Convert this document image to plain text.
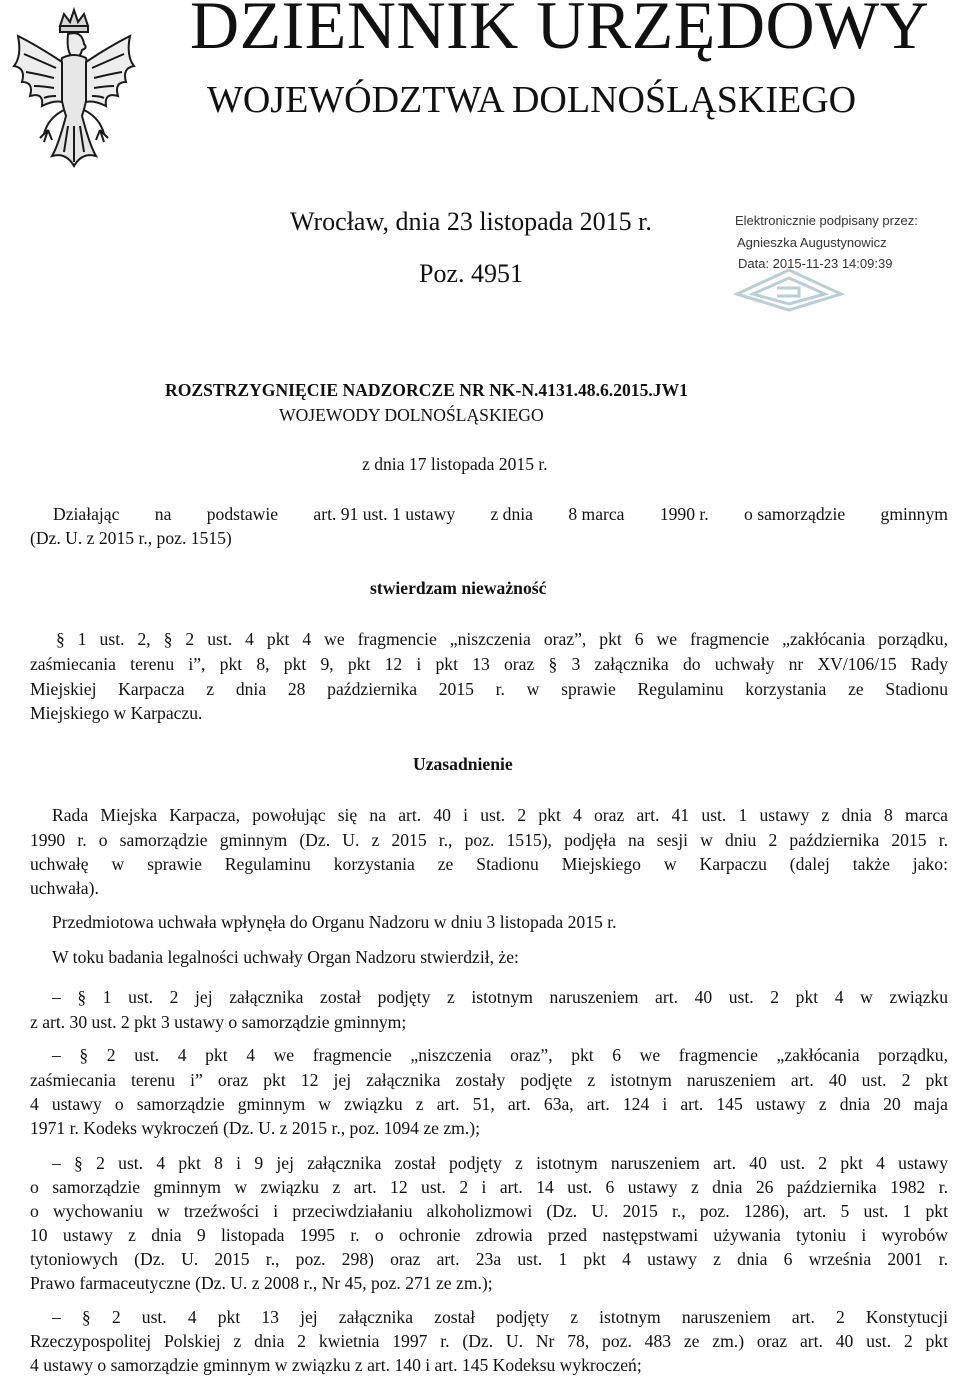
DZIENNIK URZĘDOWY
WOJEWÓDZTWA DOLNOŚLĄSKIEGO
Wrocław, dnia 23 listopada 2015 r.
Poz. 4951
Elektronicznie podpisany przez:
Agnieszka Augustynowicz
Data: 2015-11-23 14:09:39
ROZSTRZYGNIĘCIE NADZORCZE NR NK-N.4131.48.6.2015.JW1
WOJEWODY DOLNOŚLĄSKIEGO
z dnia 17 listopada 2015 r.
Działając na podstawie art. 91 ust. 1 ustawy z dnia 8 marca 1990 r. o samorządzie gminnym
(Dz. U. z 2015 r., poz. 1515)
stwierdzam nieważność
§ 1 ust. 2, § 2 ust. 4 pkt 4 we fragmencie „niszczenia oraz”, pkt 6 we fragmencie „zakłócania porządku,
zaśmiecania terenu i”, pkt 8, pkt 9, pkt 12 i pkt 13 oraz § 3 załącznika do uchwały nr XV/106/15 Rady
Miejskiej Karpacza z dnia 28 października 2015 r. w sprawie Regulaminu korzystania ze Stadionu
Miejskiego w Karpaczu.
Uzasadnienie
Rada Miejska Karpacza, powołując się na art. 40 i ust. 2 pkt 4 oraz art. 41 ust. 1 ustawy z dnia 8 marca
1990 r. o samorządzie gminnym (Dz. U. z 2015 r., poz. 1515), podjęła na sesji w dniu 2 października 2015 r.
uchwałę w sprawie Regulaminu korzystania ze Stadionu Miejskiego w Karpaczu (dalej także jako:
uchwała).
Przedmiotowa uchwała wpłynęła do Organu Nadzoru w dniu 3 listopada 2015 r.
W toku badania legalności uchwały Organ Nadzoru stwierdził, że:
– § 1 ust. 2 jej załącznika został podjęty z istotnym naruszeniem art. 40 ust. 2 pkt 4 w związku
z art. 30 ust. 2 pkt 3 ustawy o samorządzie gminnym;
– § 2 ust. 4 pkt 4 we fragmencie „niszczenia oraz”, pkt 6 we fragmencie „zakłócania porządku,
zaśmiecania terenu i” oraz pkt 12 jej załącznika zostały podjęte z istotnym naruszeniem art. 40 ust. 2 pkt
4 ustawy o samorządzie gminnym w związku z art. 51, art. 63a, art. 124 i art. 145 ustawy z dnia 20 maja
1971 r. Kodeks wykroczeń (Dz. U. z 2015 r., poz. 1094 ze zm.);
– § 2 ust. 4 pkt 8 i 9 jej załącznika został podjęty z istotnym naruszeniem art. 40 ust. 2 pkt 4 ustawy
o samorządzie gminnym w związku z art. 12 ust. 2 i art. 14 ust. 6 ustawy z dnia 26 października 1982 r.
o wychowaniu w trzeźwości i przeciwdziałaniu alkoholizmowi (Dz. U. 2015 r., poz. 1286), art. 5 ust. 1 pkt
10 ustawy z dnia 9 listopada 1995 r. o ochronie zdrowia przed następstwami używania tytoniu i wyrobów
tytoniowych (Dz. U. 2015 r., poz. 298) oraz art. 23a ust. 1 pkt 4 ustawy z dnia 6 września 2001 r.
Prawo farmaceutyczne (Dz. U. z 2008 r., Nr 45, poz. 271 ze zm.);
– § 2 ust. 4 pkt 13 jej załącznika został podjęty z istotnym naruszeniem art. 2 Konstytucji
Rzeczypospolitej Polskiej z dnia 2 kwietnia 1997 r. (Dz. U. Nr 78, poz. 483 ze zm.) oraz art. 40 ust. 2 pkt
4 ustawy o samorządzie gminnym w związku z art. 140 i art. 145 Kodeksu wykroczeń;
